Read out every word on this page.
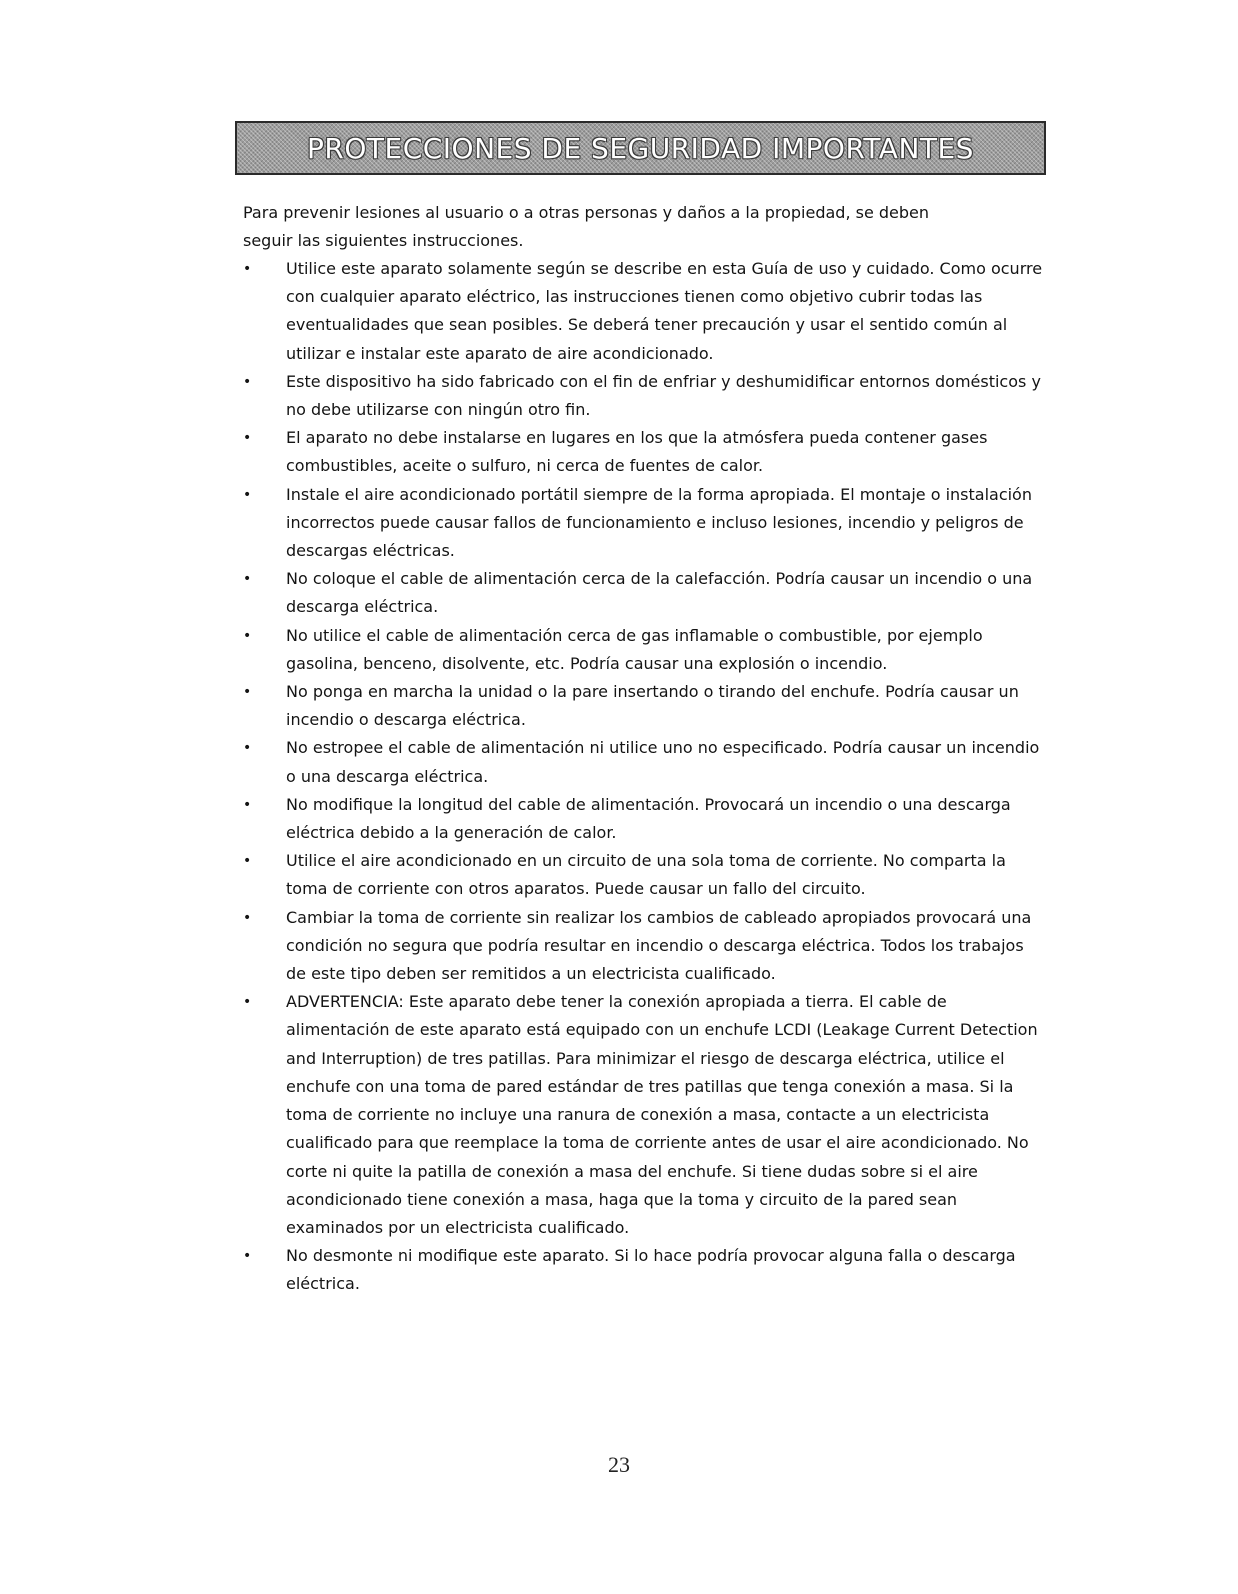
PROTECCIONES DE SEGURIDAD IMPORTANTES

Para prevenir lesiones al usuario o a otras personas y daños a la propiedad, se deben seguir las siguientes instrucciones.

• Utilice este aparato solamente según se describe en esta Guía de uso y cuidado. Como ocurre con cualquier aparato eléctrico, las instrucciones tienen como objetivo cubrir todas las eventualidades que sean posibles. Se deberá tener precaución y usar el sentido común al utilizar e instalar este aparato de aire acondicionado.
• Este dispositivo ha sido fabricado con el fin de enfriar y deshumidificar entornos domésticos y no debe utilizarse con ningún otro fin.
• El aparato no debe instalarse en lugares en los que la atmósfera pueda contener gases combustibles, aceite o sulfuro, ni cerca de fuentes de calor.
• Instale el aire acondicionado portátil siempre de la forma apropiada. El montaje o instalación incorrectos puede causar fallos de funcionamiento e incluso lesiones, incendio y peligros de descargas eléctricas.
• No coloque el cable de alimentación cerca de la calefacción. Podría causar un incendio o una descarga eléctrica.
• No utilice el cable de alimentación cerca de gas inflamable o combustible, por ejemplo gasolina, benceno, disolvente, etc. Podría causar una explosión o incendio.
• No ponga en marcha la unidad o la pare insertando o tirando del enchufe. Podría causar un incendio o descarga eléctrica.
• No estropee el cable de alimentación ni utilice uno no especificado. Podría causar un incendio o una descarga eléctrica.
• No modifique la longitud del cable de alimentación. Provocará un incendio o una descarga eléctrica debido a la generación de calor.
• Utilice el aire acondicionado en un circuito de una sola toma de corriente. No comparta la toma de corriente con otros aparatos. Puede causar un fallo del circuito.
• Cambiar la toma de corriente sin realizar los cambios de cableado apropiados provocará una condición no segura que podría resultar en incendio o descarga eléctrica. Todos los trabajos de este tipo deben ser remitidos a un electricista cualificado.
• ADVERTENCIA: Este aparato debe tener la conexión apropiada a tierra. El cable de alimentación de este aparato está equipado con un enchufe LCDI (Leakage Current Detection and Interruption) de tres patillas. Para minimizar el riesgo de descarga eléctrica, utilice el enchufe con una toma de pared estándar de tres patillas que tenga conexión a masa. Si la toma de corriente no incluye una ranura de conexión a masa, contacte a un electricista cualificado para que reemplace la toma de corriente antes de usar el aire acondicionado. No corte ni quite la patilla de conexión a masa del enchufe. Si tiene dudas sobre si el aire acondicionado tiene conexión a masa, haga que la toma y circuito de la pared sean examinados por un electricista cualificado.
• No desmonte ni modifique este aparato. Si lo hace podría provocar alguna falla o descarga eléctrica.
23
